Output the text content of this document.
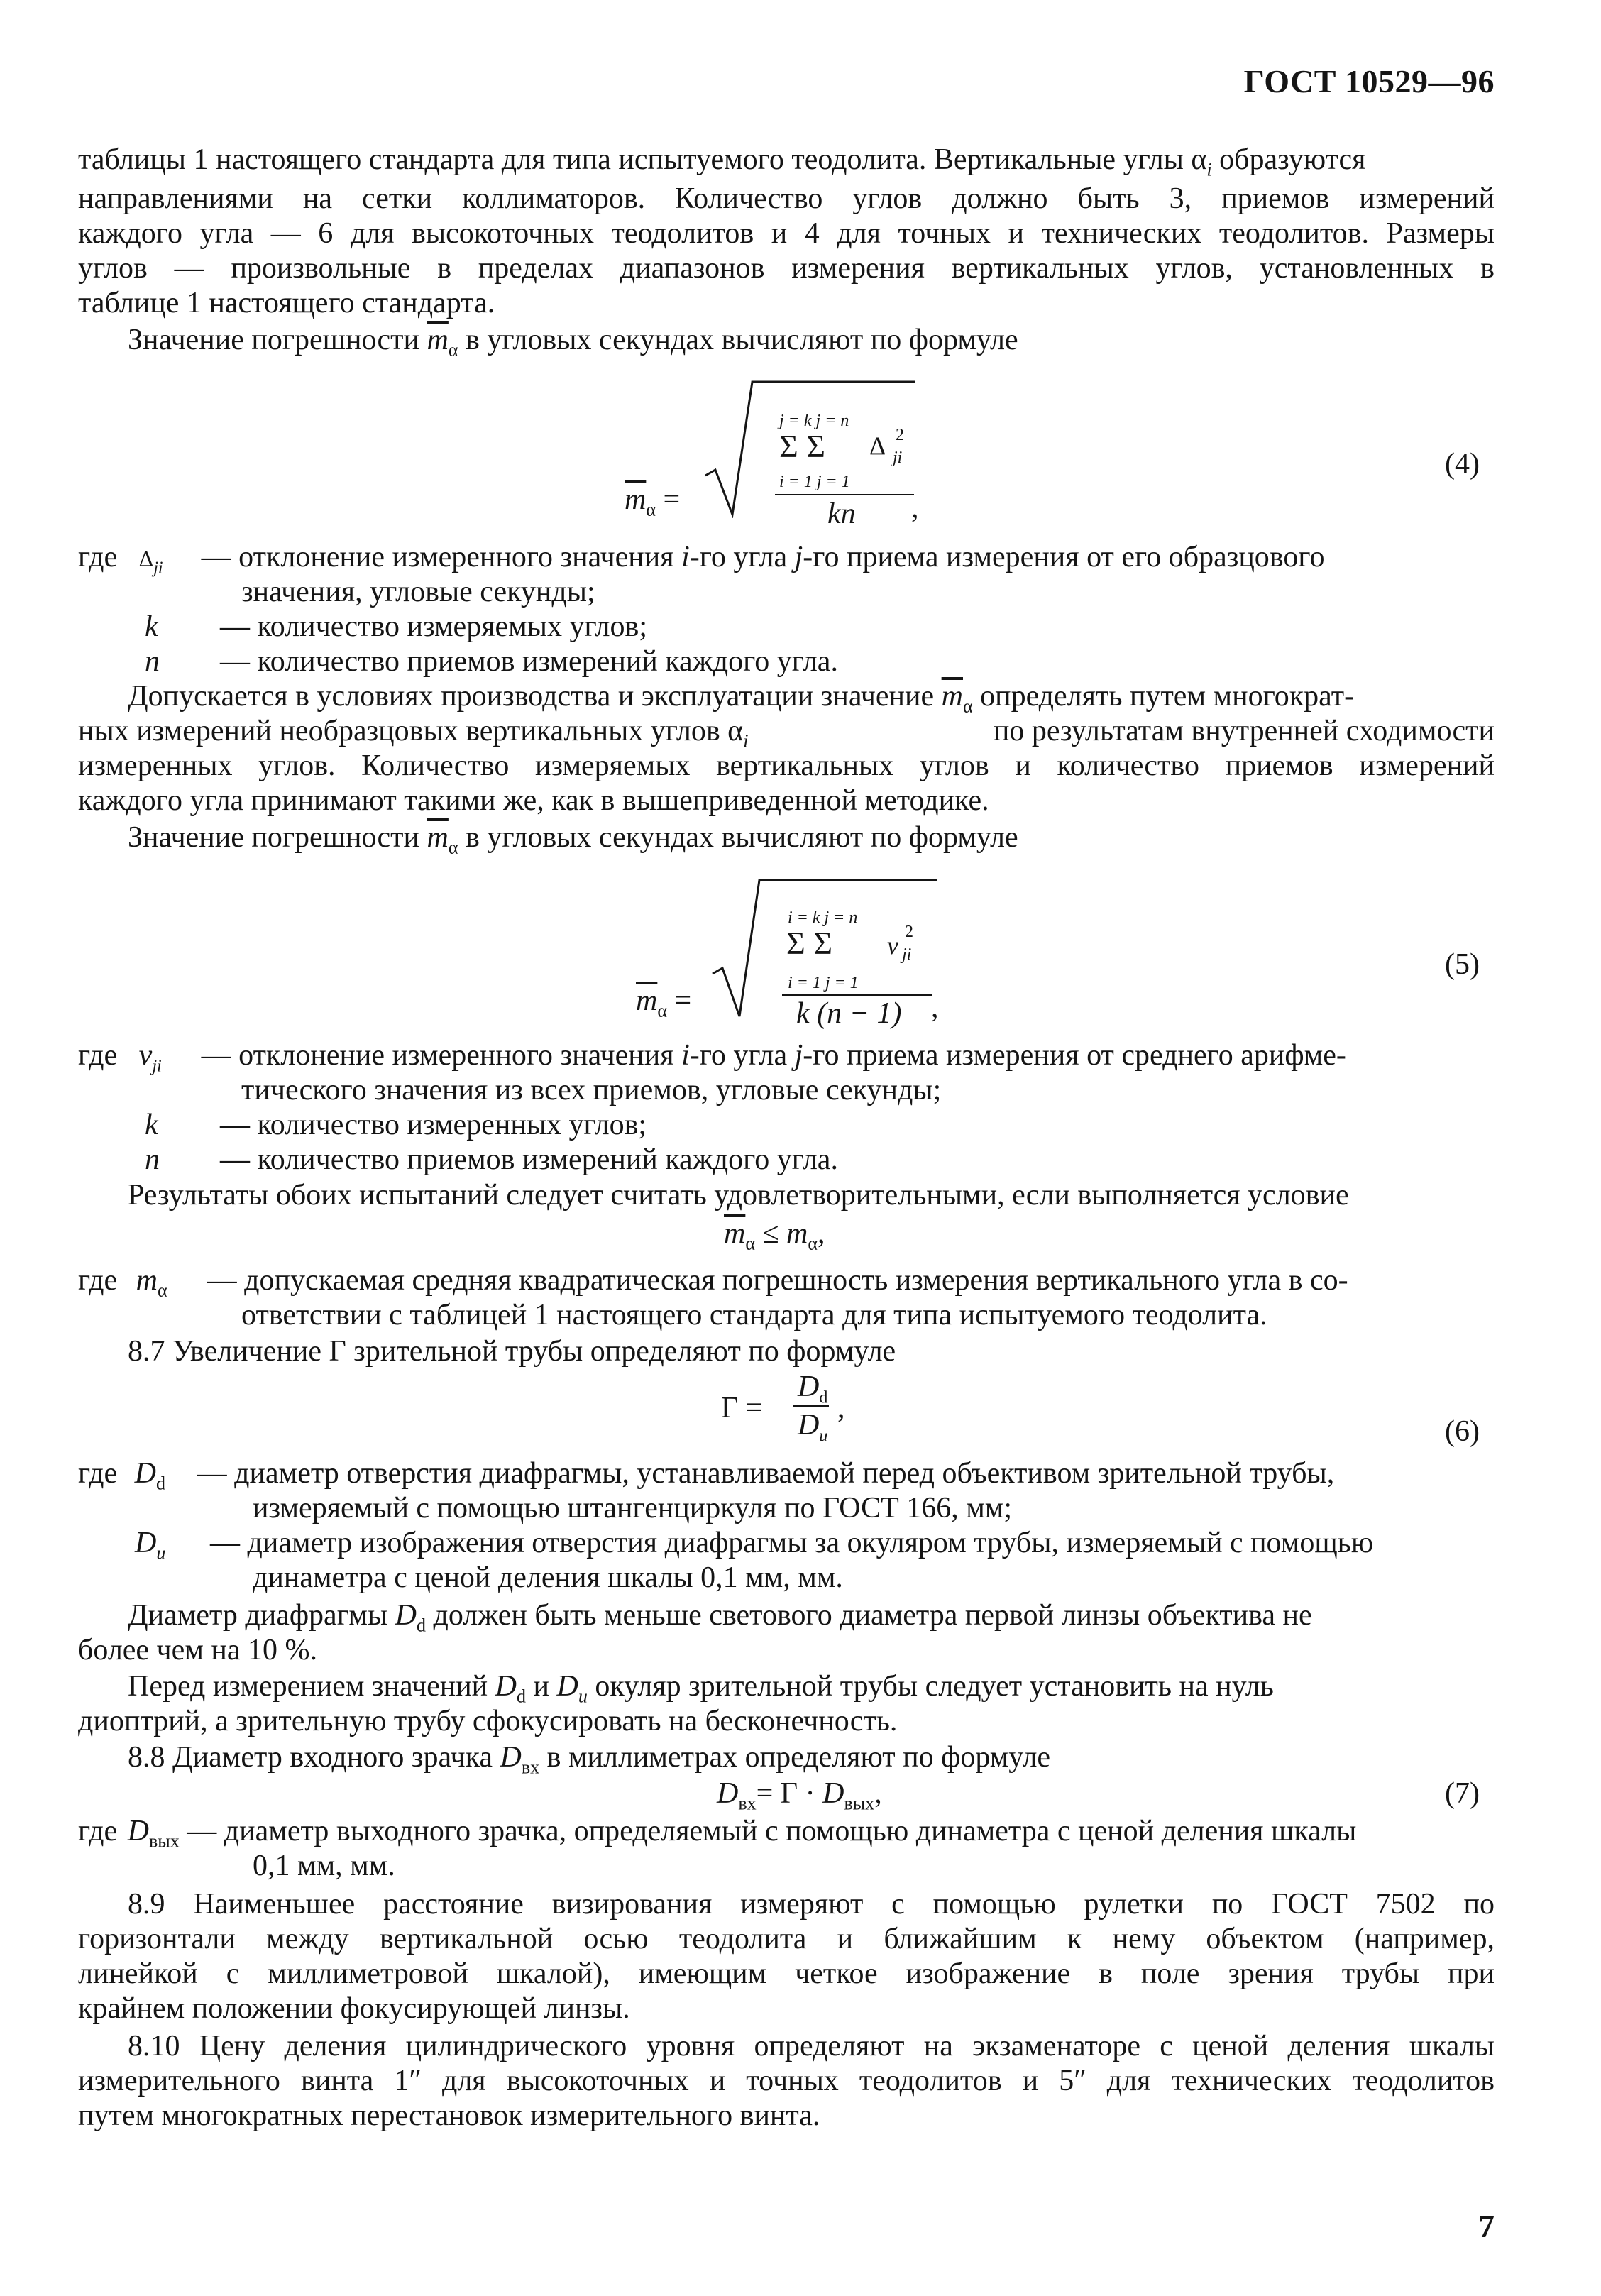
ГОСТ 10529—96
таблицы 1 настоящего стандарта для типа испытуемого теодолита. Вертикальные углы $\alpha_i$ образуются
направлениями на сетки коллиматоров. Количество углов должно быть 3, приемов измерений
каждого угла — 6 для высокоточных теодолитов и 4 для точных и технических теодолитов. Размеры
углов — произвольные в пределах диапазонов измерения вертикальных углов, установленных в
таблице 1 настоящего стандарта.
Значение погрешности $\overline{m}_\alpha$ в угловых секундах вычисляют по формуле
$\overline{m}_\alpha$ =
j = k j = n
Σ Σ Δ 2
ji
i = 1 j = 1
kn ,
(4)
где $\Delta_{ji}$ — отклонение измеренного значения i-го угла j-го приема измерения от его образцового
значения, угловые секунды;
k — количество измеряемых углов;
n — количество приемов измерений каждого угла.
Допускается в условиях производства и эксплуатации значение $\overline{m}_\alpha$ определять путем многократ-
ных измерений необразцовых вертикальных углов $\alpha_i$	по результатам внутренней сходимости
измеренных углов. Количество измеряемых вертикальных углов и количество приемов измерений
каждого угла принимают такими же, как в вышеприведенной методике.
Значение погрешности $\overline{m}_\alpha$ в угловых секундах вычисляют по формуле
$\overline{m}_\alpha$ =
i = k j = n
Σ Σ v 2
ji
i = 1 j = 1
k (n − 1) ,
(5)
где $v_{ji}$ — отклонение измеренного значения i-го угла j-го приема измерения от среднего арифме-
тического значения из всех приемов, угловые секунды;
k — количество измеренных углов;
n — количество приемов измерений каждого угла.
Результаты обоих испытаний следует считать удовлетворительными, если выполняется условие
$\overline{m}_\alpha \le m_\alpha$,
где $m_\alpha$ — допускаемая средняя квадратическая погрешность измерения вертикального угла в со-
ответствии с таблицей 1 настоящего стандарта для типа испытуемого теодолита.
8.7 Увеличение Г зрительной трубы определяют по формуле
Г =
$D_d$
$D_и$
,
(6)
где $D_d$ — диаметр отверстия диафрагмы, устанавливаемой перед объективом зрительной трубы,
измеряемый с помощью штангенциркуля по ГОСТ 166, мм;
$D_и$ — диаметр изображения отверстия диафрагмы за окуляром трубы, измеряемый с помощью
динаметра с ценой деления шкалы 0,1 мм, мм.
Диаметр диафрагмы $D_d$ должен быть меньше светового диаметра первой линзы объектива не
более чем на 10 %.
Перед измерением значений $D_d$ и $D_и$ окуляр зрительной трубы следует установить на нуль
диоптрий, а зрительную трубу сфокусировать на бесконечность.
8.8 Диаметр входного зрачка $D_{вх}$ в миллиметрах определяют по формуле
$D_{вх}= Г \cdot D_{вых}$,	(7)
где $D_{вых}$ — диаметр выходного зрачка, определяемый с помощью динаметра с ценой деления шкалы
0,1 мм, мм.
8.9 Наименьшее расстояние визирования измеряют с помощью рулетки по ГОСТ 7502 по
горизонтали между вертикальной осью теодолита и ближайшим к нему объектом (например,
линейкой с миллиметровой шкалой), имеющим четкое изображение в поле зрения трубы при
крайнем положении фокусирующей линзы.
8.10 Цену деления цилиндрического уровня определяют на экзаменаторе с ценой деления шкалы
измерительного винта 1″ для высокоточных и точных теодолитов и 5″ для технических теодолитов
путем многократных перестановок измерительного винта.
7
